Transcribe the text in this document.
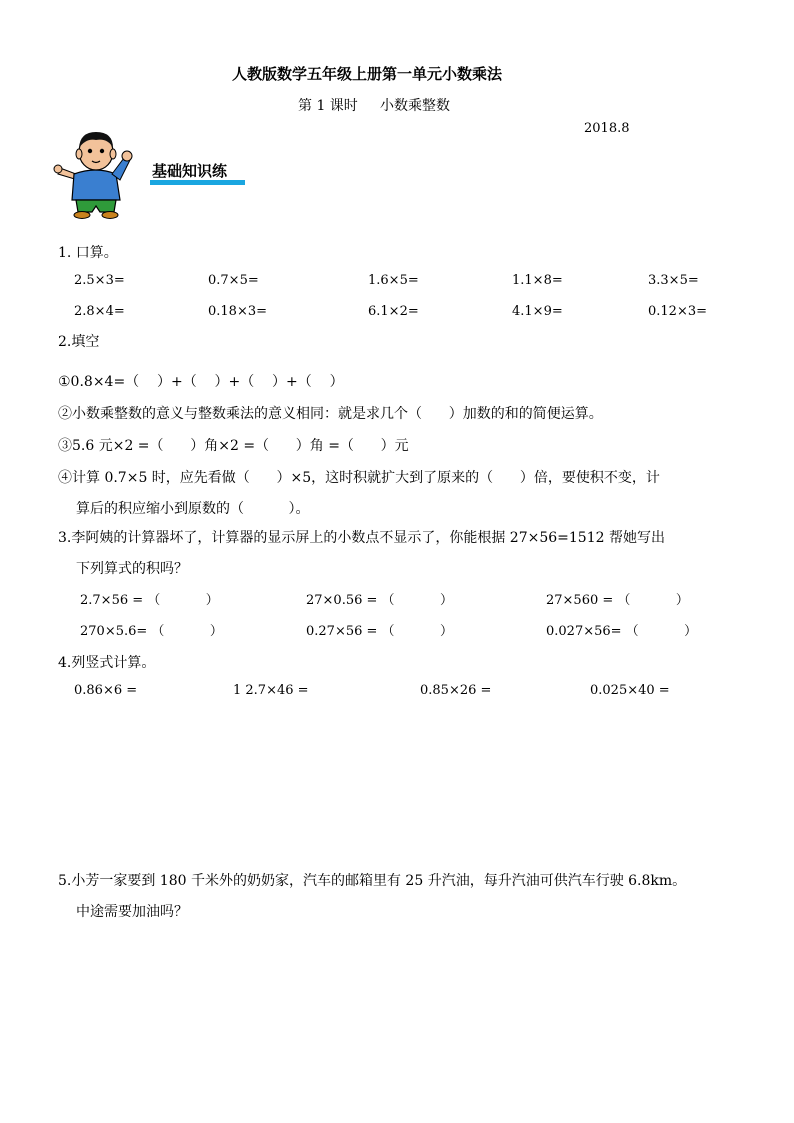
人教版数学五年级上册第一单元小数乘法
第 1 课时     小数乘整数
2018.8
基础知识练
1. 口算。
2.5×3=	0.7×5=	1.6×5=	1.1×8=	3.3×5=
2.8×4=	0.18×3=	6.1×2=	4.1×9=	0.12×3=
2.填空
①0.8×4=（    ）+（    ）+（    ）+（    ）
②小数乘整数的意义与整数乘法的意义相同：就是求几个（      ）加数的和的简便运算。
③5.6 元×2 =（      ）角×2 =（      ）角 =（      ）元
④计算 0.7×5 时，应先看做（      ）×5，这时积就扩大到了原来的（      ）倍，要使积不变，计
算后的积应缩小到原数的（          ）。
3.李阿姨的计算器坏了，计算器的显示屏上的小数点不显示了，你能根据 27×56=1512 帮她写出
下列算式的积吗？
2.7×56 = （           ）	27×0.56 = （           ）	27×560 = （           ）
270×5.6= （           ）	0.27×56 = （           ）	0.027×56= （           ）
4.列竖式计算。
0.86×6 =	1 2.7×46 =	0.85×26 =	0.025×40 =
5.小芳一家要到 180 千米外的奶奶家，汽车的邮箱里有 25 升汽油，每升汽油可供汽车行驶 6.8km。
中途需要加油吗？
